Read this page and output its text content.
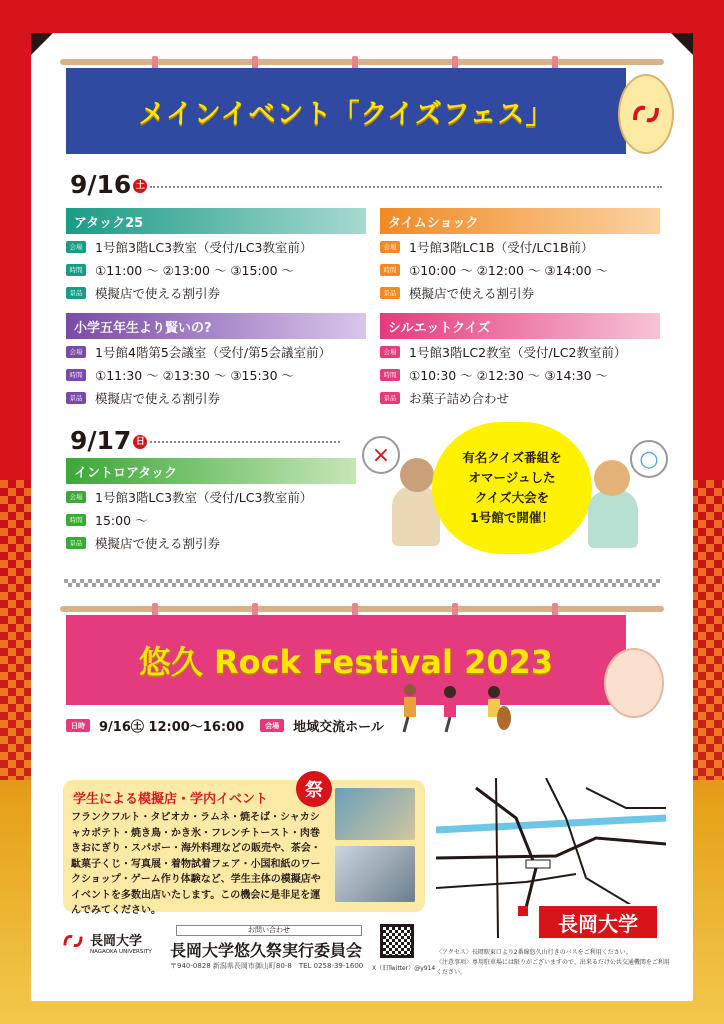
メインイベント「クイズフェス」
9/16 土
アタック25
会場 1号館3階LC3教室（受付/LC3教室前）
時間 ①11:00 ～ ②13:00 ～ ③15:00 ～
景品 模擬店で使える割引券
タイムショック
会場 1号館3階LC1B（受付/LC1B前）
時間 ①10:00 ～ ②12:00 ～ ③14:00 ～
景品 模擬店で使える割引券
小学五年生より賢いの?
会場 1号館4階第5会議室（受付/第5会議室前）
時間 ①11:30 ～ ②13:30 ～ ③15:30 ～
景品 模擬店で使える割引券
シルエットクイズ
会場 1号館3階LC2教室（受付/LC2教室前）
時間 ①10:30 ～ ②12:30 ～ ③14:30 ～
景品 お菓子詰め合わせ
9/17 日
イントロアタック
会場 1号館3階LC3教室（受付/LC3教室前）
時間 15:00 ～
景品 模擬店で使える割引券
×	有名クイズ番組を
オマージュした
クイズ大会を
1号館で開催！
○
悠久 Rock Festival 2023
日時	9/16㊏ 12:00～16:00	会場	地域交流ホール
学生による模擬店・学内イベント
フランクフルト・タピオカ・ラムネ・焼そば・シャカシャカポテト・焼き鳥・かき氷・フレンチトースト・肉巻きおにぎり・スパボー・海外料理などの販売や、茶会・駄菓子くじ・写真展・着物試着フェア・小国和紙のワークショップ・ゲーム作り体験など、学生主体の模擬店やイベントを多数出店いたします。この機会に是非足を運んでみてください。
祭
長岡大学
長岡大学
NAGAOKA UNIVERSITY
お問い合わせ
長岡大学悠久祭実行委員会
〒940-0828 新潟県長岡市御山町80-8　TEL 0258-39-1600 X（旧Twitter）@y914
〈アクセス〉長岡駅東口より2番線悠久山行きのバスをご利用ください。
〈注意事項〉専用駐車場には限りがございますので、出来るだけ公共交通機関をご利用ください。
